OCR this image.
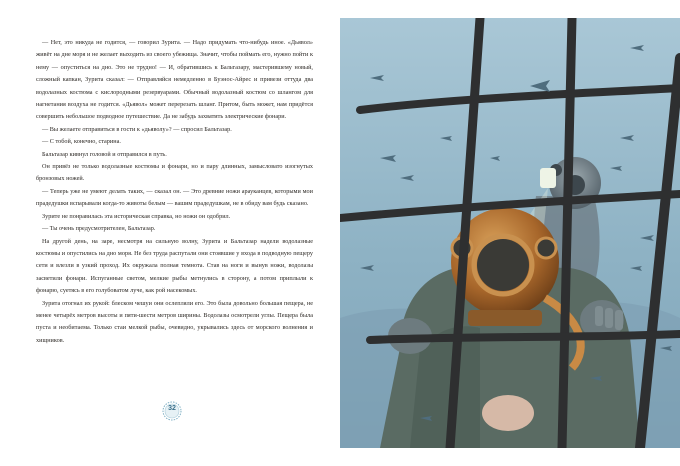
— Нет, это никуда не годится, — говорил Зурита. — Надо придумать что-нибудь иное. «Дьявол» живёт на дне моря и не желает выходить из своего убежища. Значит, чтобы поймать его, нужно пойти к нему — опуститься на дно. Это не трудно! — И, обратившись к Бальтазару, мастерившему новый, сложный капкан, Зурита сказал: — Отправляйся немедленно в Буэнос-Айрес и привези оттуда два водолазных костюма с кислородными резервуарами. Обычный водолазный костюм со шлангом для нагнетания воздуха не годится. «Дьявол» может перерезать шланг. Притом, быть может, нам придётся совершить небольшое подводное путешествие. Да не забудь захватить электрические фонари.

— Вы желаете отправиться в гости к «дьяволу»? — спросил Бальтазар.

— С тобой, конечно, старина.

Бальтазар кивнул головой и отправился в путь.

Он привёз не только водолазные костюмы и фонари, но и пару длинных, замысловато изогнутых бронзовых ножей.

— Теперь уже не умеют делать таких, — сказал он. — Это древние ножи арауканцев, которыми мои прадедушки вспарывали когда-то животы белым — вашим прадедушкам, не в обиду вам будь сказано.

Зурите не понравилась эта историческая справка, но ножи он одобрил.

— Ты очень предусмотрителен, Бальтазар.

На другой день, на заре, несмотря на сильную волну, Зурита и Бальтазар надели водолазные костюмы и опустились на дно моря. Не без труда распутали они стоявшие у входа в подводную пещеру сети и влезли в узкий проход. Их окружала полная темнота. Став на ноги и вынув ножи, водолазы засветили фонари. Испуганные светом, мелкие рыбы метнулись в сторону, а потом приплыли к фонарю, суетясь в его голубоватом луче, как рой насекомых.

Зурита отогнал их рукой: блеском чешуи они ослепляли его. Это была довольно большая пещера, не менее четырёх метров высоты и пяти-шести метров ширины. Водолазы осмотрели углы. Пещера была пуста и необитаема. Только стаи мелкой рыбы, очевидно, укрывались здесь от морского волнения и хищников.

32
